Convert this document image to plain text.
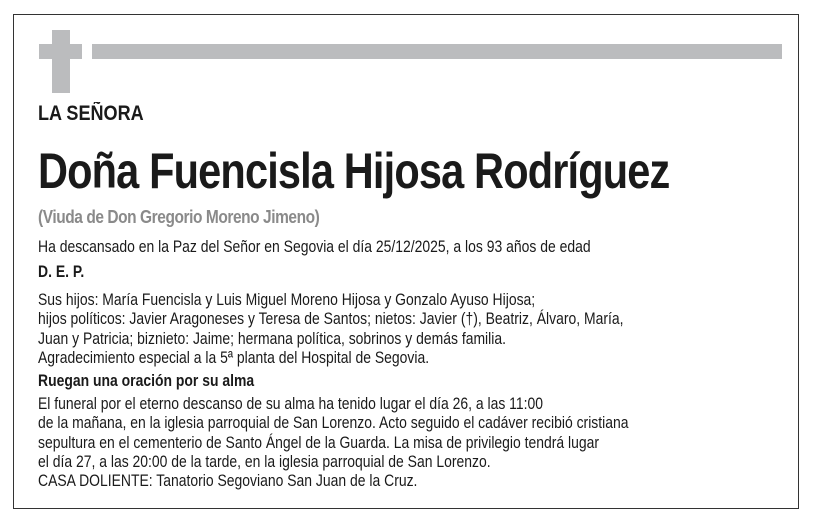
LA SEÑORA
Doña Fuencisla Hijosa Rodríguez
(Viuda de Don Gregorio Moreno Jimeno)
Ha descansado en la Paz del Señor en Segovia el día 25/12/2025, a los 93 años de edad
D. E. P.
Sus hijos: María Fuencisla y Luis Miguel Moreno Hijosa y Gonzalo Ayuso Hijosa;
hijos políticos: Javier Aragoneses y Teresa de Santos; nietos: Javier (†), Beatriz, Álvaro, María,
Juan y Patricia; biznieto: Jaime; hermana política, sobrinos y demás familia.
Agradecimiento especial a la 5ª planta del Hospital de Segovia.
Ruegan una oración por su alma
El funeral por el eterno descanso de su alma ha tenido lugar el día 26, a las 11:00
de la mañana, en la iglesia parroquial de San Lorenzo. Acto seguido el cadáver recibió cristiana
sepultura en el cementerio de Santo Ángel de la Guarda. La misa de privilegio tendrá lugar
el día 27, a las 20:00 de la tarde, en la iglesia parroquial de San Lorenzo.
CASA DOLIENTE: Tanatorio Segoviano San Juan de la Cruz.
